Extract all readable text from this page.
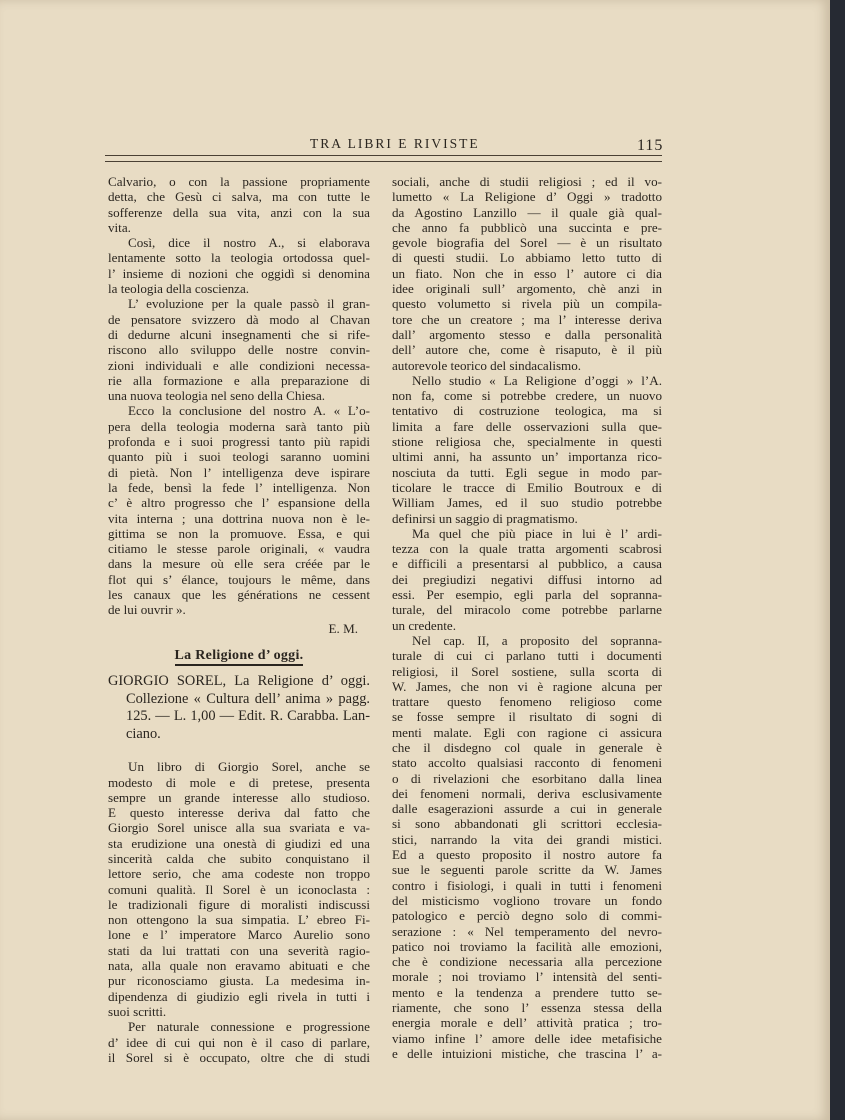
TRA LIBRI E RIVISTE	115
Calvario, o con la passione propriamente
detta, che Gesù ci salva, ma con tutte le
sofferenze della sua vita, anzi con la sua
vita.
Così, dice il nostro A., si elaborava
lentamente sotto la teologia ortodossa quel-
l’ insieme di nozioni che oggidì si denomina
la teologia della coscienza.
L’ evoluzione per la quale passò il gran-
de pensatore svizzero dà modo al Chavan
di dedurne alcuni insegnamenti che si rife-
riscono allo sviluppo delle nostre convin-
zioni individuali e alle condizioni necessa-
rie alla formazione e alla preparazione di
una nuova teologia nel seno della Chiesa.
Ecco la conclusione del nostro A. « L’o-
pera della teologia moderna sarà tanto più
profonda e i suoi progressi tanto più rapidi
quanto più i suoi teologi saranno uomini
di pietà. Non l’ intelligenza deve ispirare
la fede, bensì la fede l’ intelligenza. Non
c’ è altro progresso che l’ espansione della
vita interna ; una dottrina nuova non è le-
gittima se non la promuove. Essa, e qui
citiamo le stesse parole originali, « vaudra
dans la mesure où elle sera créée par le
flot qui s’ élance, toujours le même, dans
les canaux que les générations ne cessent
de lui ouvrir ».
E. M.
La Religione d’ oggi.
GIORGIO SOREL, La Religione d’ oggi.
Collezione « Cultura dell’ anima » pagg.
125. — L. 1,00 — Edit. R. Carabba. Lan-
ciano.
Un libro di Giorgio Sorel, anche se
modesto di mole e di pretese, presenta
sempre un grande interesse allo studioso.
E questo interesse deriva dal fatto che
Giorgio Sorel unisce alla sua svariata e va-
sta erudizione una onestà di giudizi ed una
sincerità calda che subito conquistano il
lettore serio, che ama codeste non troppo
comuni qualità. Il Sorel è un iconoclasta :
le tradizionali figure di moralisti indiscussi
non ottengono la sua simpatia. L’ ebreo Fi-
lone e l’ imperatore Marco Aurelio sono
stati da lui trattati con una severità ragio-
nata, alla quale non eravamo abituati e che
pur riconosciamo giusta. La medesima in-
dipendenza di giudizio egli rivela in tutti i
suoi scritti.
Per naturale connessione e progressione
d’ idee di cui qui non è il caso di parlare,
il Sorel si è occupato, oltre che di studi
sociali, anche di studii religiosi ; ed il vo-
lumetto « La Religione d’ Oggi » tradotto
da Agostino Lanzillo — il quale già qual-
che anno fa pubblicò una succinta e pre-
gevole biografia del Sorel — è un risultato
di questi studii. Lo abbiamo letto tutto di
un fiato. Non che in esso l’ autore ci dia
idee originali sull’ argomento, chè anzi in
questo volumetto si rivela più un compila-
tore che un creatore ; ma l’ interesse deriva
dall’ argomento stesso e dalla personalità
dell’ autore che, come è risaputo, è il più
autorevole teorico del sindacalismo.
Nello studio « La Religione d’oggi » l’A.
non fa, come si potrebbe credere, un nuovo
tentativo di costruzione teologica, ma si
limita a fare delle osservazioni sulla que-
stione religiosa che, specialmente in questi
ultimi anni, ha assunto un’ importanza rico-
nosciuta da tutti. Egli segue in modo par-
ticolare le tracce di Emilio Boutroux e di
William James, ed il suo studio potrebbe
definirsi un saggio di pragmatismo.
Ma quel che più piace in lui è l’ ardi-
tezza con la quale tratta argomenti scabrosi
e difficili a presentarsi al pubblico, a causa
dei pregiudizi negativi diffusi intorno ad
essi. Per esempio, egli parla del sopranna-
turale, del miracolo come potrebbe parlarne
un credente.
Nel cap. II, a proposito del sopranna-
turale di cui ci parlano tutti i documenti
religiosi, il Sorel sostiene, sulla scorta di
W. James, che non vi è ragione alcuna per
trattare questo fenomeno religioso come
se fosse sempre il risultato di sogni di
menti malate. Egli con ragione ci assicura
che il disdegno col quale in generale è
stato accolto qualsiasi racconto di fenomeni
o di rivelazioni che esorbitano dalla linea
dei fenomeni normali, deriva esclusivamente
dalle esagerazioni assurde a cui in generale
si sono abbandonati gli scrittori ecclesia-
stici, narrando la vita dei grandi mistici.
Ed a questo proposito il nostro autore fa
sue le seguenti parole scritte da W. James
contro i fisiologi, i quali in tutti i fenomeni
del misticismo vogliono trovare un fondo
patologico e perciò degno solo di commi-
serazione : « Nel temperamento del nevro-
patico noi troviamo la facilità alle emozioni,
che è condizione necessaria alla percezione
morale ; noi troviamo l’ intensità del senti-
mento e la tendenza a prendere tutto se-
riamente, che sono l’ essenza stessa della
energia morale e dell’ attività pratica ; tro-
viamo infine l’ amore delle idee metafisiche
e delle intuizioni mistiche, che trascina l’ a-
